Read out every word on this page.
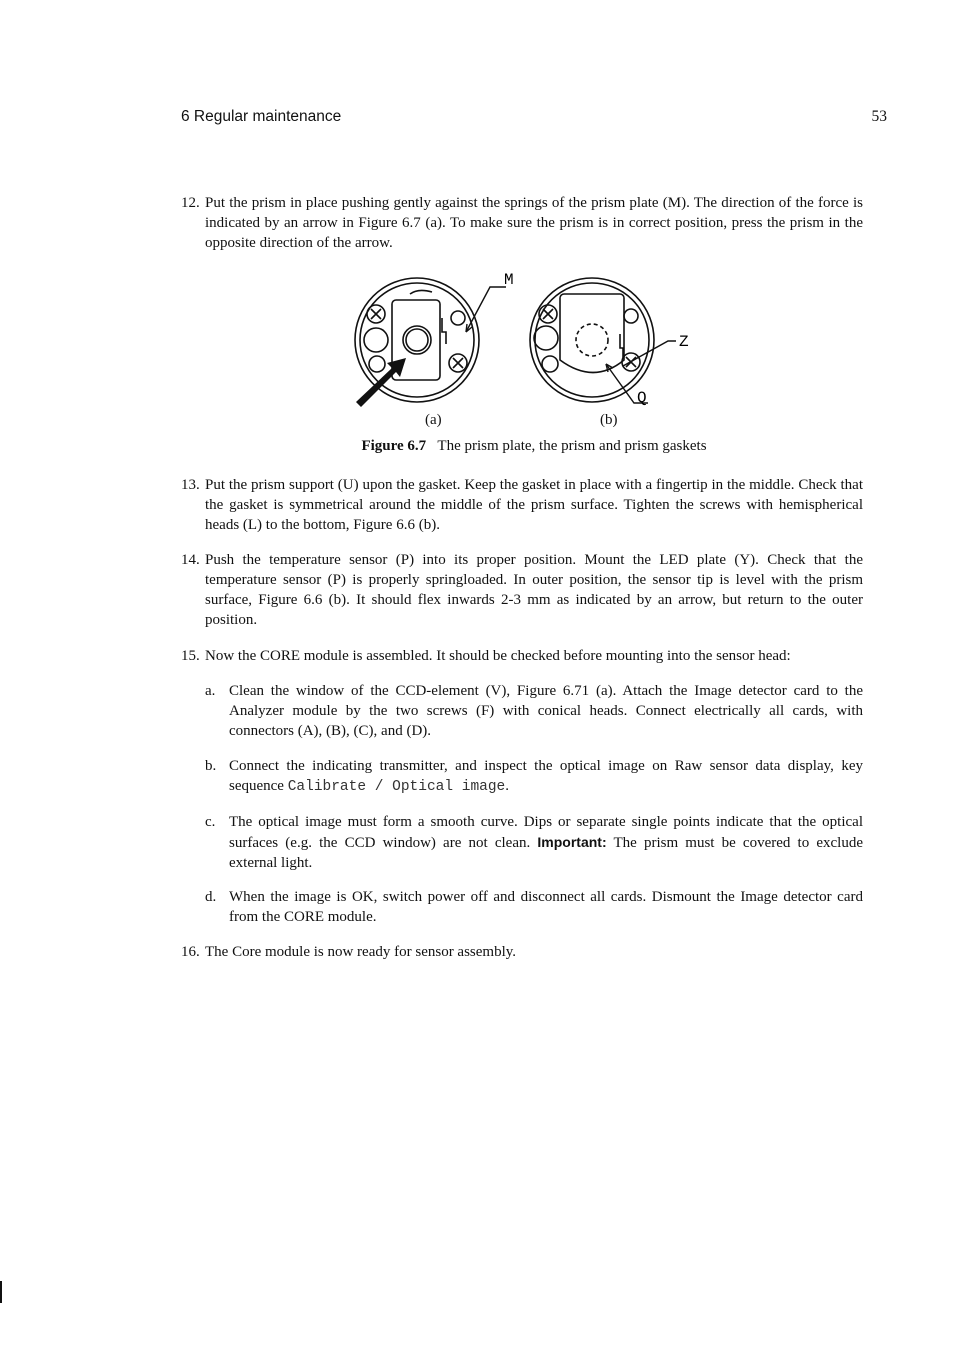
6 Regular maintenance	53
12. Put the prism in place pushing gently against the springs of the prism plate (M). The direction of the force is indicated by an arrow in Figure 6.7 (a). To make sure the prism is in correct position, press the prism in the opposite direction of the arrow.
M
Z
Q
(a)	(b)
Figure 6.7 The prism plate, the prism and prism gaskets
13. Put the prism support (U) upon the gasket. Keep the gasket in place with a fingertip in the middle. Check that the gasket is symmetrical around the middle of the prism surface. Tighten the screws with hemispherical heads (L) to the bottom, Figure 6.6 (b).
14. Push the temperature sensor (P) into its proper position. Mount the LED plate (Y). Check that the temperature sensor (P) is properly springloaded. In outer position, the sensor tip is level with the prism surface, Figure 6.6 (b). It should flex inwards 2-3 mm as indicated by an arrow, but return to the outer position.
15. Now the CORE module is assembled. It should be checked before mounting into the sensor head:
a. Clean the window of the CCD-element (V), Figure 6.71 (a). Attach the Image detector card to the Analyzer module by the two screws (F) with conical heads. Connect electrically all cards, with connectors (A), (B), (C), and (D).
b. Connect the indicating transmitter, and inspect the optical image on Raw sensor data display, key sequence Calibrate / Optical image.
c. The optical image must form a smooth curve. Dips or separate single points indicate that the optical surfaces (e.g. the CCD window) are not clean. Important: The prism must be covered to exclude external light.
d. When the image is OK, switch power off and disconnect all cards. Dismount the Image detector card from the CORE module.
16. The Core module is now ready for sensor assembly.
